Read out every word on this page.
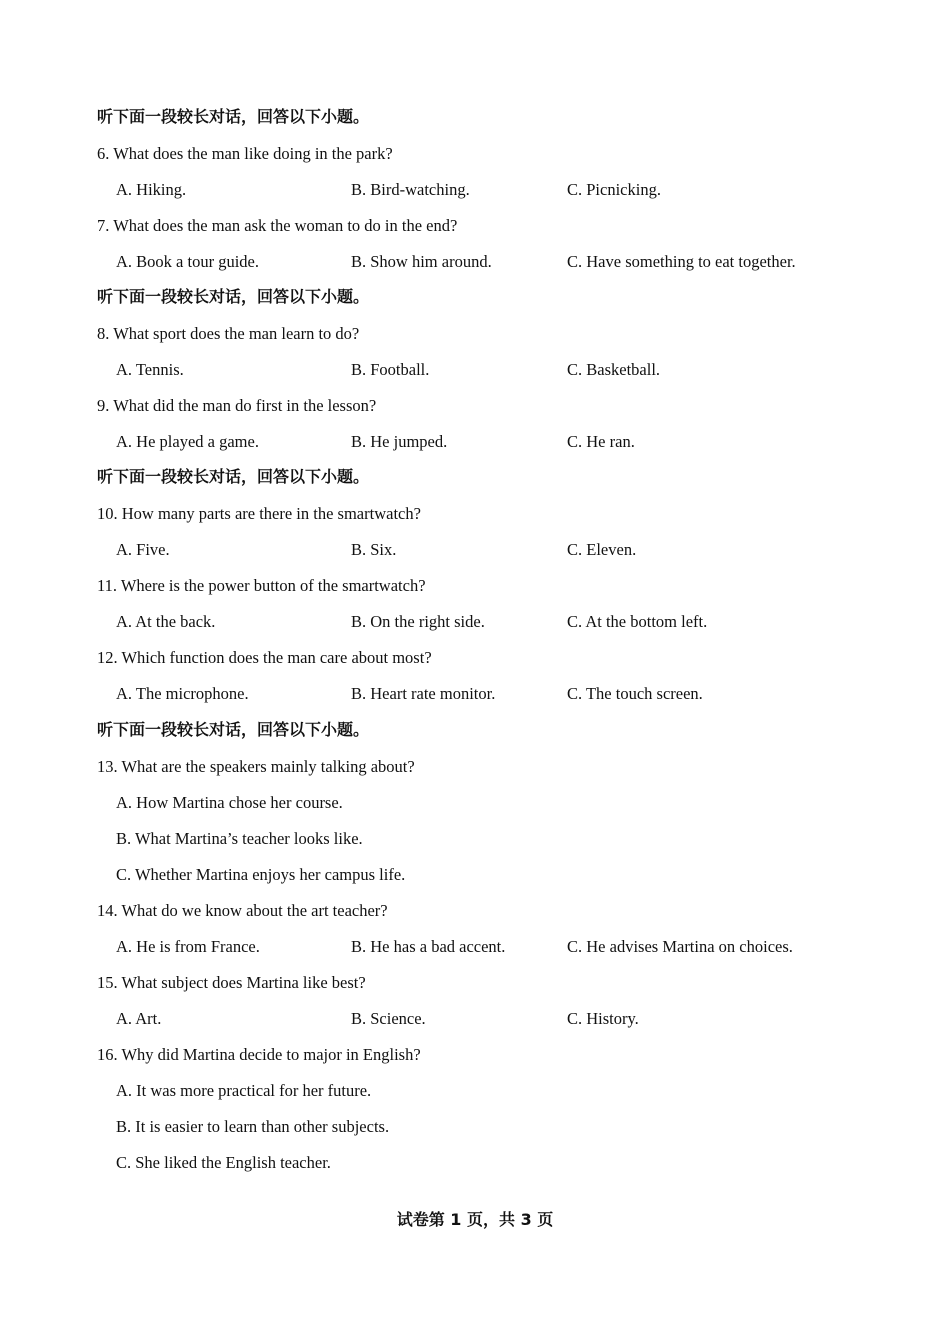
听下面一段较长对话，回答以下小题。
6. What does the man like doing in the park?
A. Hiking.	B. Bird-watching.	C. Picnicking.
7. What does the man ask the woman to do in the end?
A. Book a tour guide.	B. Show him around.	C. Have something to eat together.
听下面一段较长对话，回答以下小题。
8. What sport does the man learn to do?
A. Tennis.	B. Football.	C. Basketball.
9. What did the man do first in the lesson?
A. He played a game.	B. He jumped.	C. He ran.
听下面一段较长对话，回答以下小题。
10. How many parts are there in the smartwatch?
A. Five.	B. Six.	C. Eleven.
11. Where is the power button of the smartwatch?
A. At the back.	B. On the right side.	C. At the bottom left.
12. Which function does the man care about most?
A. The microphone.	B. Heart rate monitor.	C. The touch screen.
听下面一段较长对话，回答以下小题。
13. What are the speakers mainly talking about?
A. How Martina chose her course.
B. What Martina’s teacher looks like.
C. Whether Martina enjoys her campus life.
14. What do we know about the art teacher?
A. He is from France.	B. He has a bad accent.	C. He advises Martina on choices.
15. What subject does Martina like best?
A. Art.	B. Science.	C. History.
16. Why did Martina decide to major in English?
A. It was more practical for her future.
B. It is easier to learn than other subjects.
C. She liked the English teacher.
试卷第 1 页，共 3 页
